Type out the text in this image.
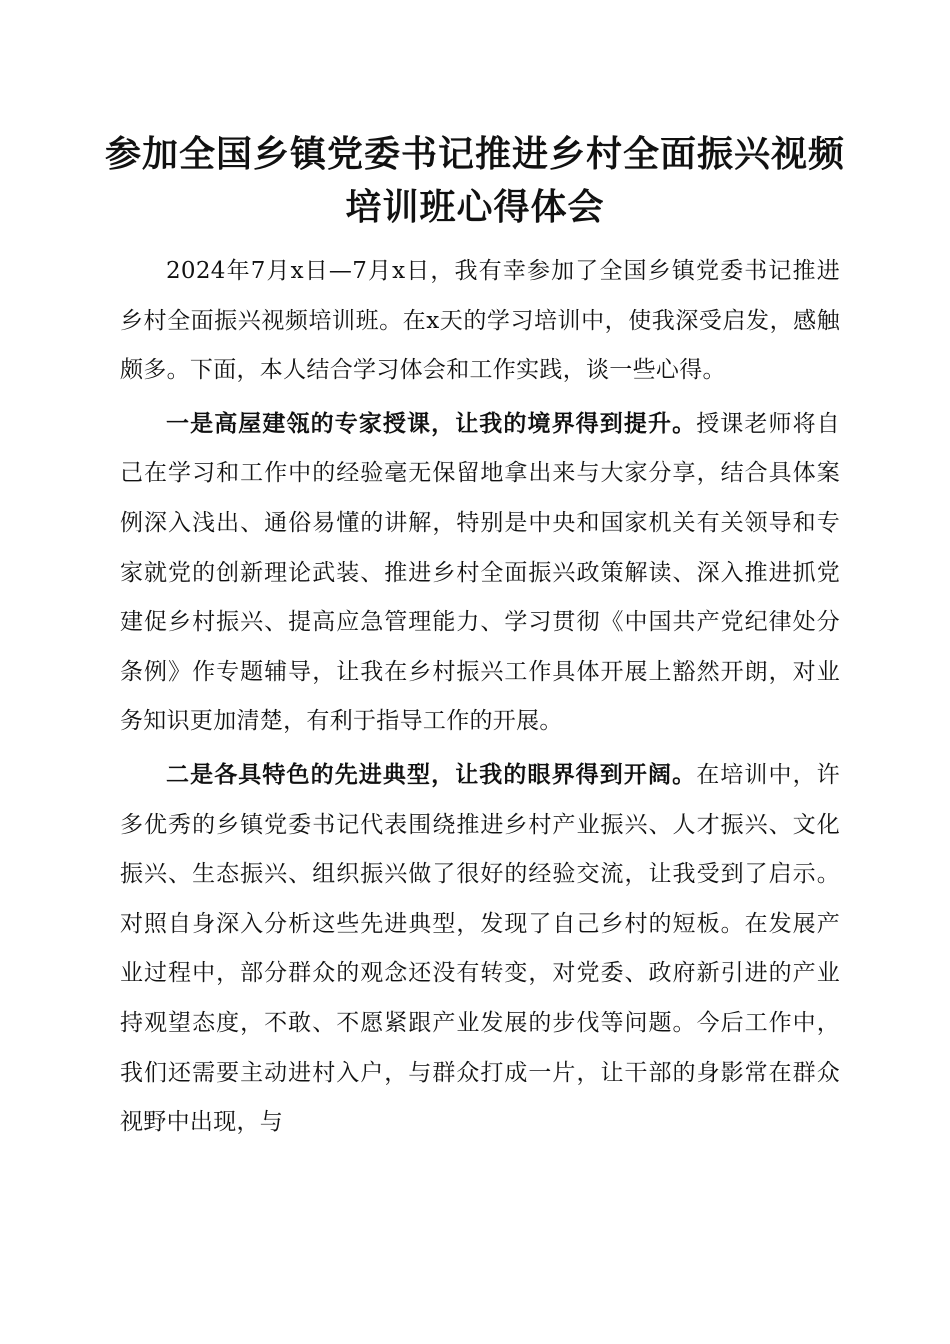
参加全国乡镇党委书记推进乡村全面振兴视频
培训班心得体会

2024年7月x日—7月x日，我有幸参加了全国乡镇党委书记推进乡村全面振兴视频培训班。在x天的学习培训中，使我深受启发，感触颇多。下面，本人结合学习体会和工作实践，谈一些心得。

一是高屋建瓴的专家授课，让我的境界得到提升。授课老师将自己在学习和工作中的经验毫无保留地拿出来与大家分享，结合具体案例深入浅出、通俗易懂的讲解，特别是中央和国家机关有关领导和专家就党的创新理论武装、推进乡村全面振兴政策解读、深入推进抓党建促乡村振兴、提高应急管理能力、学习贯彻《中国共产党纪律处分条例》作专题辅导，让我在乡村振兴工作具体开展上豁然开朗，对业务知识更加清楚，有利于指导工作的开展。

二是各具特色的先进典型，让我的眼界得到开阔。在培训中，许多优秀的乡镇党委书记代表围绕推进乡村产业振兴、人才振兴、文化振兴、生态振兴、组织振兴做了很好的经验交流，让我受到了启示。对照自身深入分析这些先进典型，发现了自己乡村的短板。在发展产业过程中，部分群众的观念还没有转变，对党委、政府新引进的产业持观望态度，不敢、不愿紧跟产业发展的步伐等问题。今后工作中，我们还需要主动进村入户，与群众打成一片，让干部的身影常在群众视野中出现，与
